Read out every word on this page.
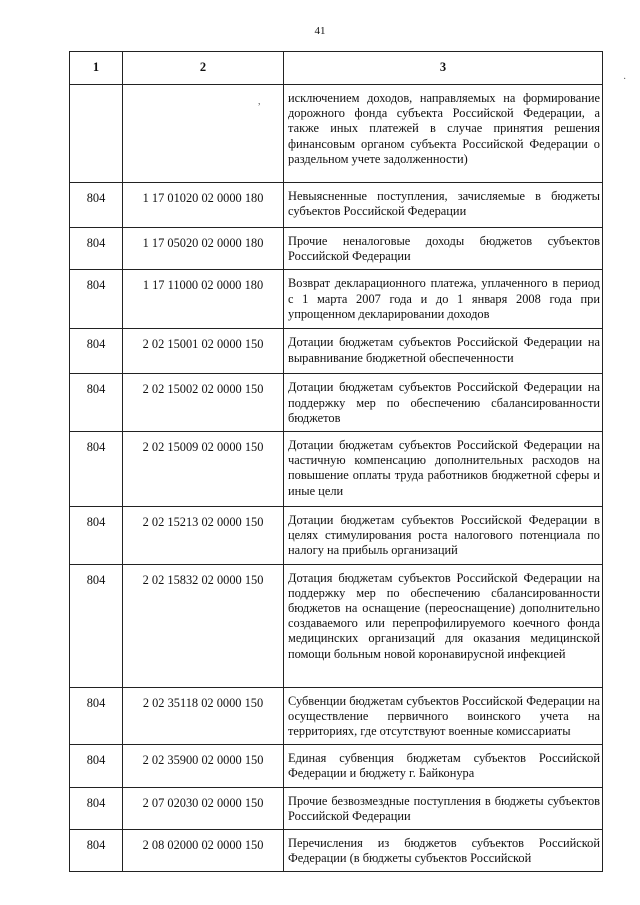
41
1	2	3
		исключением доходов, направляемых на формирование дорожного фонда субъекта Российской Федерации, а также иных платежей в случае принятия решения финансовым органом субъекта Российской Федерации о раздельном учете задолженности)
804	1 17 01020 02 0000 180	Невыясненные поступления, зачисляемые в бюджеты субъектов Российской Федерации
804	1 17 05020 02 0000 180	Прочие неналоговые доходы бюджетов субъектов Российской Федерации
804	1 17 11000 02 0000 180	Возврат декларационного платежа, уплаченного в период с 1 марта 2007 года и до 1 января 2008 года при упрощенном декларировании доходов
804	2 02 15001 02 0000 150	Дотации бюджетам субъектов Российской Федерации на выравнивание бюджетной обеспеченности
804	2 02 15002 02 0000 150	Дотации бюджетам субъектов Российской Федерации на поддержку мер по обеспечению сбалансированности бюджетов
804	2 02 15009 02 0000 150	Дотации бюджетам субъектов Российской Федерации на частичную компенсацию дополнительных расходов на повышение оплаты труда работников бюджетной сферы и иные цели
804	2 02 15213 02 0000 150	Дотации бюджетам субъектов Российской Федерации в целях стимулирования роста налогового потенциала по налогу на прибыль организаций
804	2 02 15832 02 0000 150	Дотация бюджетам субъектов Российской Федерации на поддержку мер по обеспечению сбалансированности бюджетов на оснащение (переоснащение) дополнительно создаваемого или перепрофилируемого коечного фонда медицинских организаций для оказания медицинской помощи больным новой коронавирусной инфекцией
804	2 02 35118 02 0000 150	Субвенции бюджетам субъектов Российской Федерации на осуществление первичного воинского учета на территориях, где отсутствуют военные комиссариаты
804	2 02 35900 02 0000 150	Единая субвенция бюджетам субъектов Российской Федерации и бюджету г. Байконура
804	2 07 02030 02 0000 150	Прочие безвозмездные поступления в бюджеты субъектов Российской Федерации
804	2 08 02000 02 0000 150	Перечисления из бюджетов субъектов Российской Федерации (в бюджеты субъектов Российской
,
·
